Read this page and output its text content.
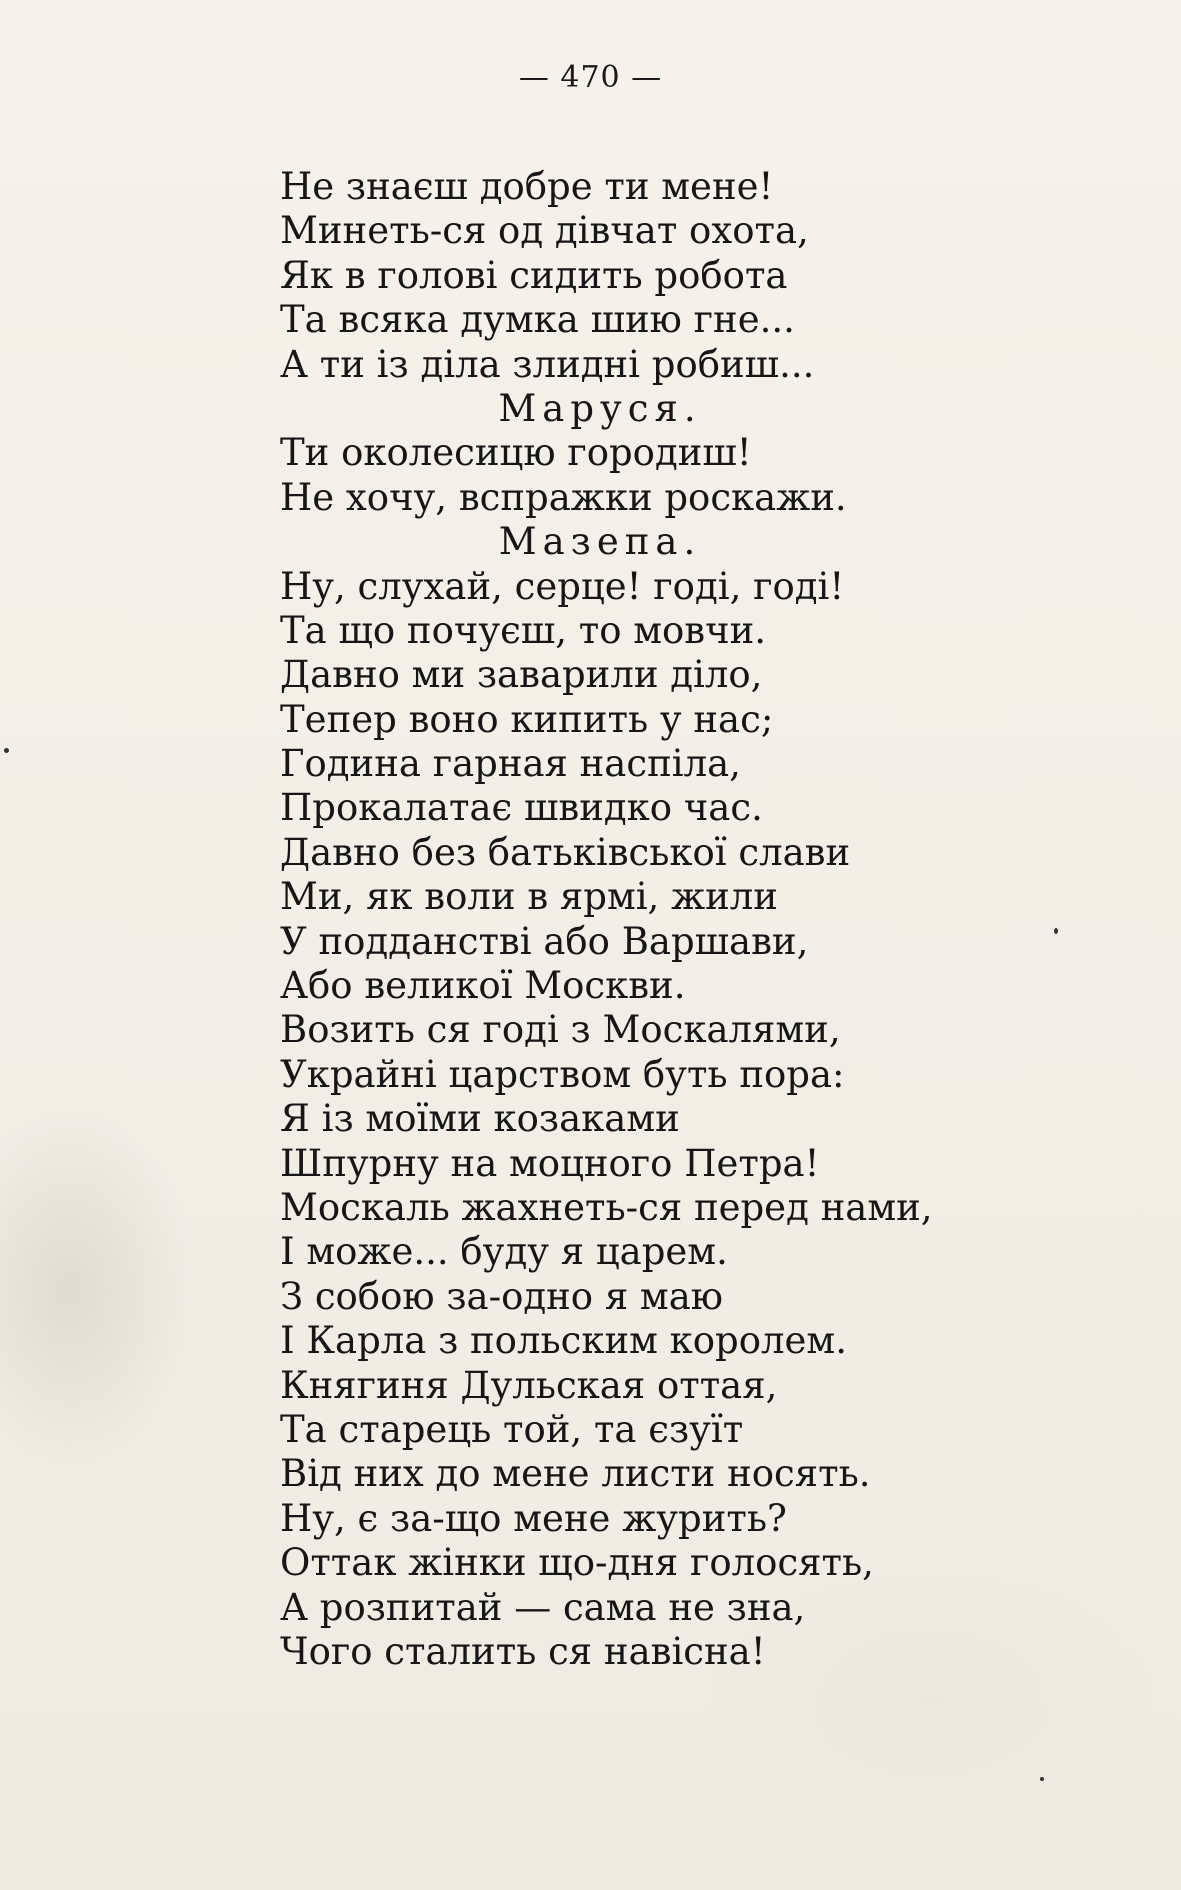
— 470 —
Не знаєш добре ти мене!
Минеть-ся од дівчат охота,
Як в голові сидить робота
Та всяка думка шию гне...
А ти із діла злидні робиш...
Маруся.
Ти околесицю городиш!
Не хочу, вспражки роскажи.
Мазепа.
Ну, слухай, серце! годі, годі!
Та що почуєш, то мовчи.
Давно ми заварили діло,
Тепер воно кипить у нас;
Година гарная наспіла,
Прокалатає швидко час.
Давно без батьківської слави
Ми, як воли в ярмі, жили
У подданстві або Варшави,
Або великої Москви.
Возить ся годі з Москалями,
Украйні царством буть пора:
Я із моїми козаками
Шпурну на моцного Петра!
Москаль жахнеть-ся перед нами,
І може... буду я царем.
З собою за-одно я маю
І Карла з польским королем.
Княгиня Дульская оттая,
Та старець той, та єзуїт
Від них до мене листи носять.
Ну, є за-що мене журить?
Оттак жінки що-дня голосять,
А розпитай — сама не зна,
Чого сталить ся навісна!
